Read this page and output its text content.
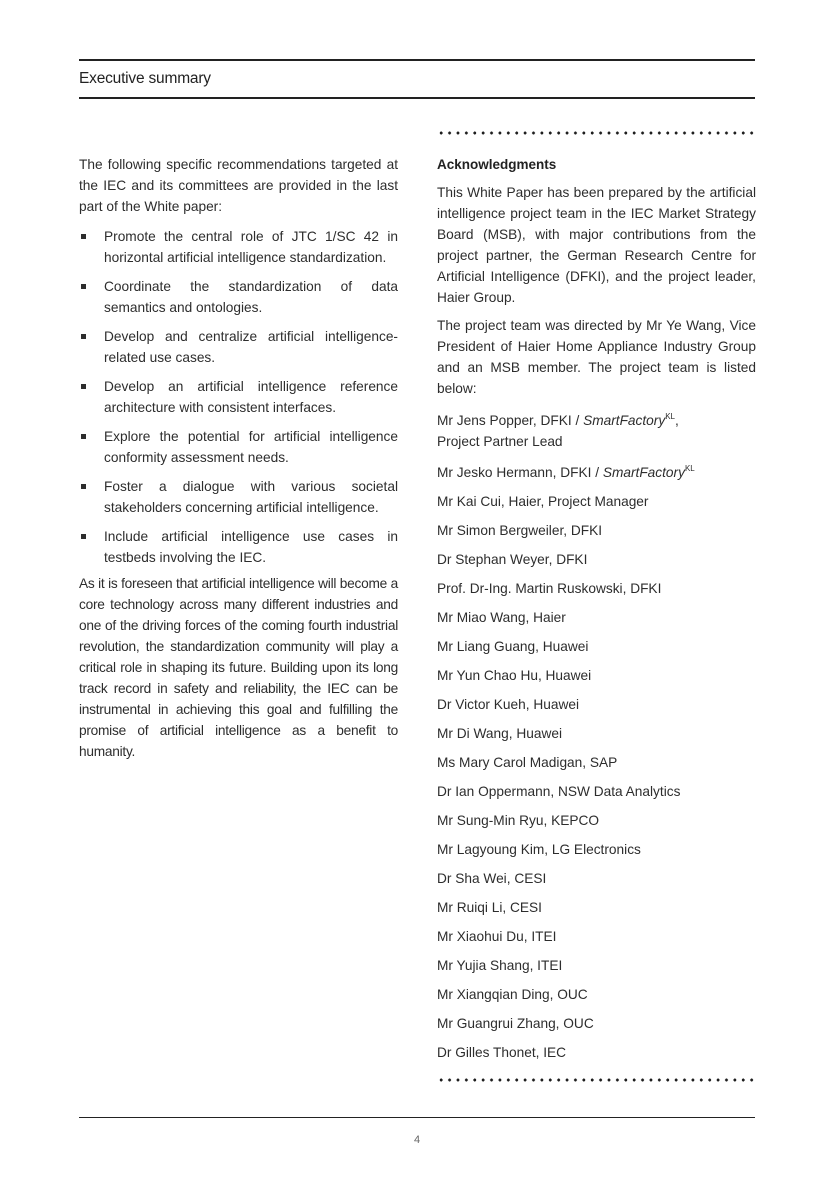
Executive summary

The following specific recommendations targeted at the IEC and its committees are provided in the last part of the White paper:

Promote the central role of JTC 1/SC 42 in horizontal artificial intelligence standardization.
Coordinate the standardization of data semantics and ontologies.
Develop and centralize artificial intelligence-related use cases.
Develop an artificial intelligence reference architecture with consistent interfaces.
Explore the potential for artificial intelligence conformity assessment needs.
Foster a dialogue with various societal stakeholders concerning artificial intelligence.
Include artificial intelligence use cases in testbeds involving the IEC.

As it is foreseen that artificial intelligence will become a core technology across many different industries and one of the driving forces of the coming fourth industrial revolution, the standardization community will play a critical role in shaping its future. Building upon its long track record in safety and reliability, the IEC can be instrumental in achieving this goal and fulfilling the promise of artificial intelligence as a benefit to humanity.

Acknowledgments

This White Paper has been prepared by the artificial intelligence project team in the IEC Market Strategy Board (MSB), with major contributions from the project partner, the German Research Centre for Artificial Intelligence (DFKI), and the project leader, Haier Group.

The project team was directed by Mr Ye Wang, Vice President of Haier Home Appliance Industry Group and an MSB member. The project team is listed below:

Mr Jens Popper, DFKI / SmartFactory$^{KL}$,
Project Partner Lead
Mr Jesko Hermann, DFKI / SmartFactory$^{KL}$
Mr Kai Cui, Haier, Project Manager
Mr Simon Bergweiler, DFKI
Dr Stephan Weyer, DFKI
Prof. Dr-Ing. Martin Ruskowski, DFKI
Mr Miao Wang, Haier
Mr Liang Guang, Huawei
Mr Yun Chao Hu, Huawei
Dr Victor Kueh, Huawei
Mr Di Wang, Huawei
Ms Mary Carol Madigan, SAP
Dr Ian Oppermann, NSW Data Analytics
Mr Sung-Min Ryu, KEPCO
Mr Lagyoung Kim, LG Electronics
Dr Sha Wei, CESI
Mr Ruiqi Li, CESI
Mr Xiaohui Du, ITEI
Mr Yujia Shang, ITEI
Mr Xiangqian Ding, OUC
Mr Guangrui Zhang, OUC
Dr Gilles Thonet, IEC
4
